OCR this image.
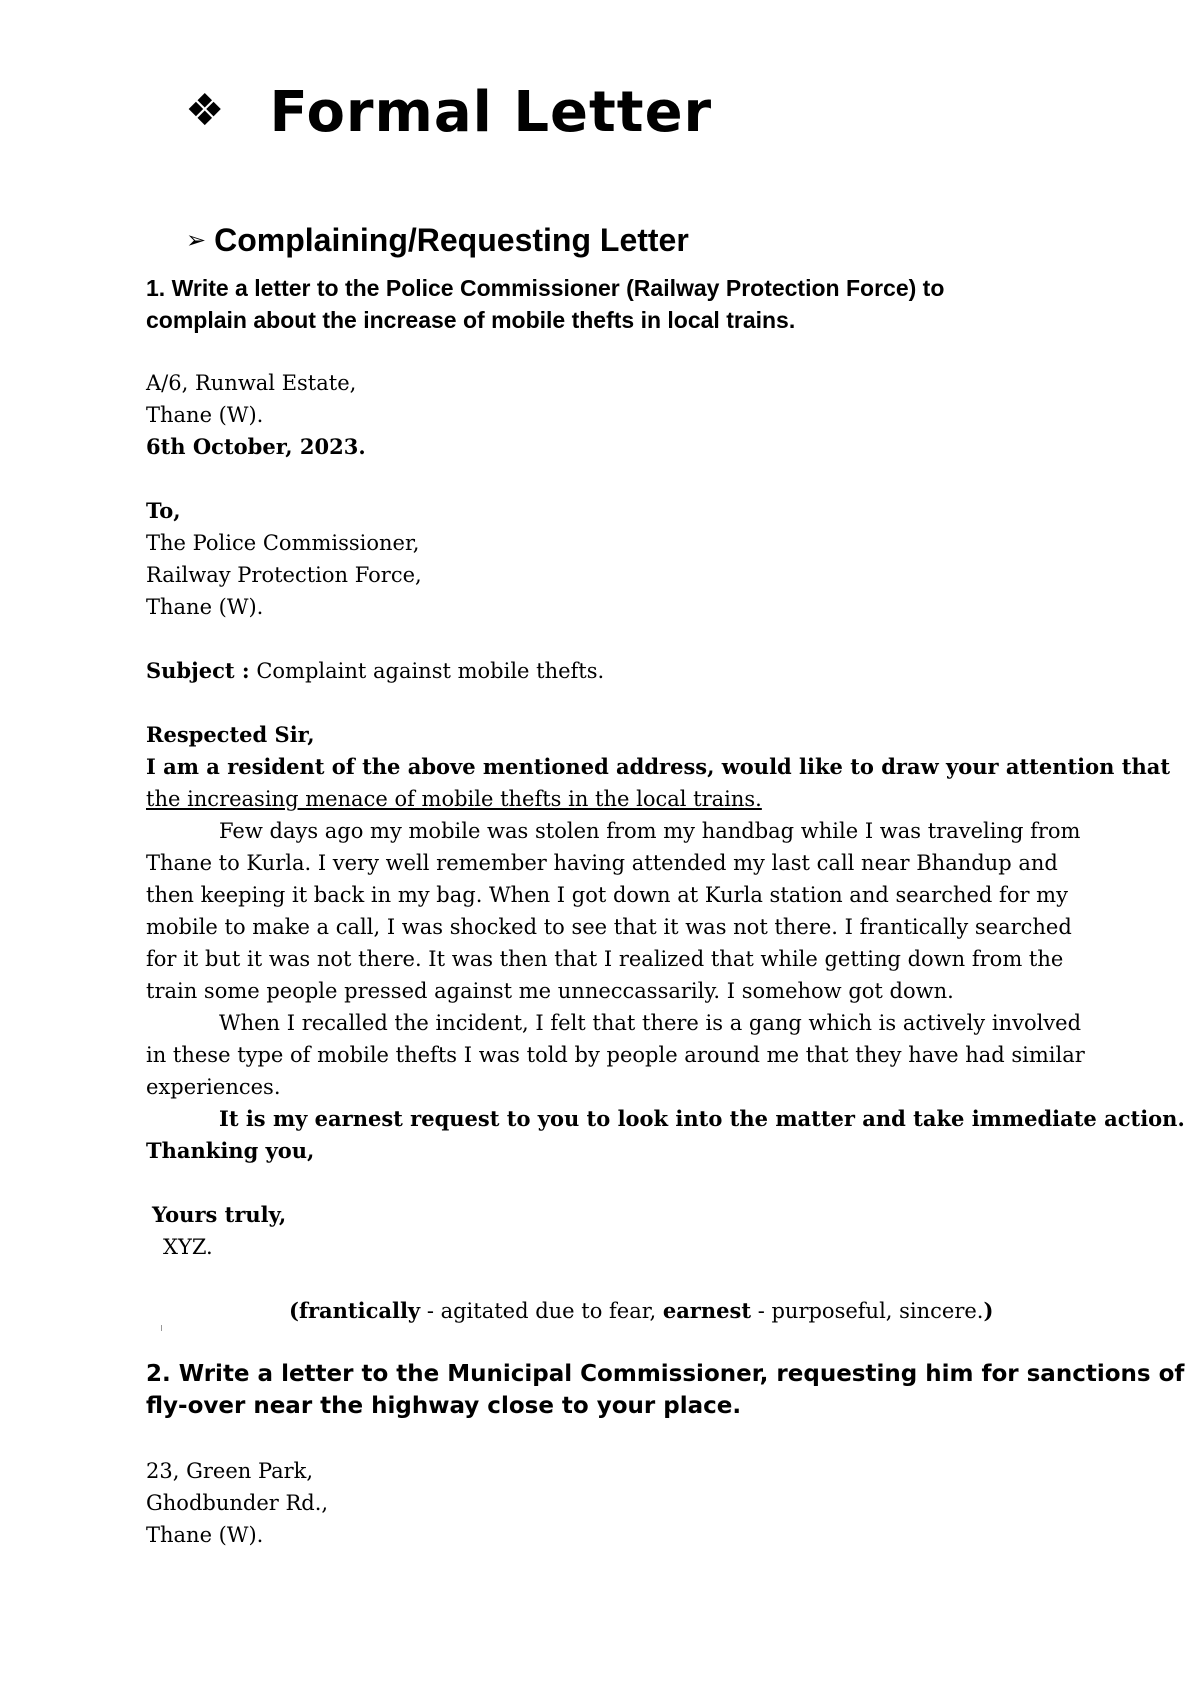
❖ Formal Letter
➢ Complaining/Requesting Letter
1. Write a letter to the Police Commissioner (Railway Protection Force) to
complain about the increase of mobile thefts in local trains.
A/6, Runwal Estate,
Thane (W).
6th October, 2023.
To,
The Police Commissioner,
Railway Protection Force,
Thane (W).
Subject : Complaint against mobile thefts.
Respected Sir,
I am a resident of the above mentioned address, would like to draw your attention that
the increasing menace of mobile thefts in the local trains.
Few days ago my mobile was stolen from my handbag while I was traveling from
Thane to Kurla. I very well remember having attended my last call near Bhandup and
then keeping it back in my bag. When I got down at Kurla station and searched for my
mobile to make a call, I was shocked to see that it was not there. I frantically searched
for it but it was not there. It was then that I realized that while getting down from the
train some people pressed against me unneccassarily. I somehow got down.
When I recalled the incident, I felt that there is a gang which is actively involved
in these type of mobile thefts I was told by people around me that they have had similar
experiences.
It is my earnest request to you to look into the matter and take immediate action.
Thanking you,
Yours truly,
XYZ.
(frantically - agitated due to fear, earnest - purposeful, sincere.)
2. Write a letter to the Municipal Commissioner, requesting him for sanctions of
fly-over near the highway close to your place.
23, Green Park,
Ghodbunder Rd.,
Thane (W).
